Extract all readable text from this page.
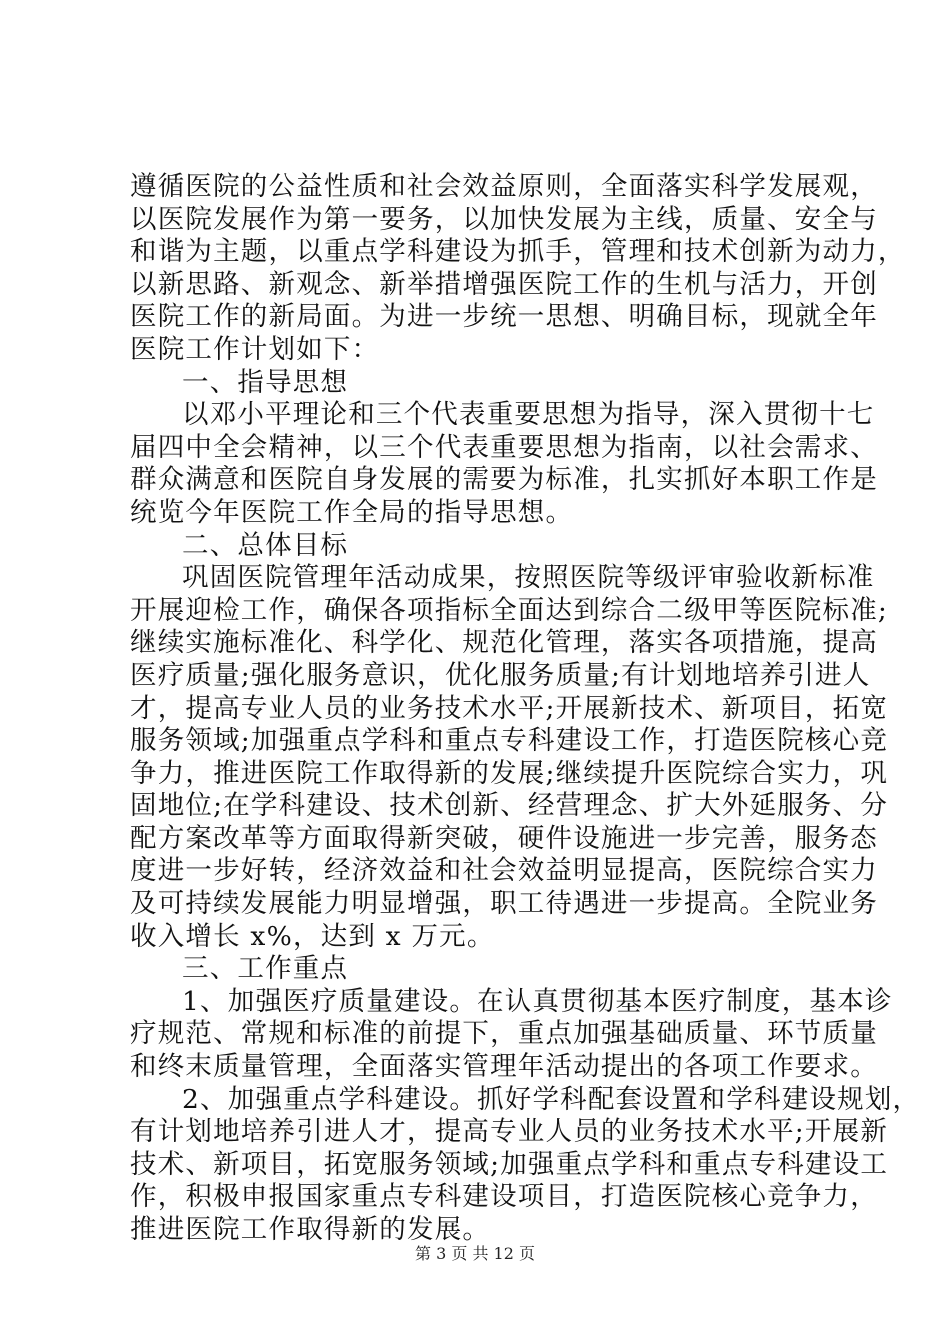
遵循医院的公益性质和社会效益原则，全面落实科学发展观，
以医院发展作为第一要务，以加快发展为主线，质量、安全与
和谐为主题，以重点学科建设为抓手，管理和技术创新为动力，
以新思路、新观念、新举措增强医院工作的生机与活力，开创
医院工作的新局面。为进一步统一思想、明确目标，现就全年
医院工作计划如下：
一、指导思想
以邓小平理论和三个代表重要思想为指导，深入贯彻十七
届四中全会精神，以三个代表重要思想为指南，以社会需求、
群众满意和医院自身发展的需要为标准，扎实抓好本职工作是
统览今年医院工作全局的指导思想。
二、总体目标
巩固医院管理年活动成果，按照医院等级评审验收新标准
开展迎检工作，确保各项指标全面达到综合二级甲等医院标准;
继续实施标准化、科学化、规范化管理，落实各项措施，提高
医疗质量;强化服务意识，优化服务质量;有计划地培养引进人
才，提高专业人员的业务技术水平;开展新技术、新项目，拓宽
服务领域;加强重点学科和重点专科建设工作，打造医院核心竞
争力，推进医院工作取得新的发展;继续提升医院综合实力，巩
固地位;在学科建设、技术创新、经营理念、扩大外延服务、分
配方案改革等方面取得新突破，硬件设施进一步完善，服务态
度进一步好转，经济效益和社会效益明显提高，医院综合实力
及可持续发展能力明显增强，职工待遇进一步提高。全院业务
收入增长 x%，达到 x 万元。
三、工作重点
1、加强医疗质量建设。在认真贯彻基本医疗制度，基本诊
疗规范、常规和标准的前提下，重点加强基础质量、环节质量
和终末质量管理，全面落实管理年活动提出的各项工作要求。
2、加强重点学科建设。抓好学科配套设置和学科建设规划，
有计划地培养引进人才，提高专业人员的业务技术水平;开展新
技术、新项目，拓宽服务领域;加强重点学科和重点专科建设工
作，积极申报国家重点专科建设项目，打造医院核心竞争力，
推进医院工作取得新的发展。
第 3 页 共 12 页
